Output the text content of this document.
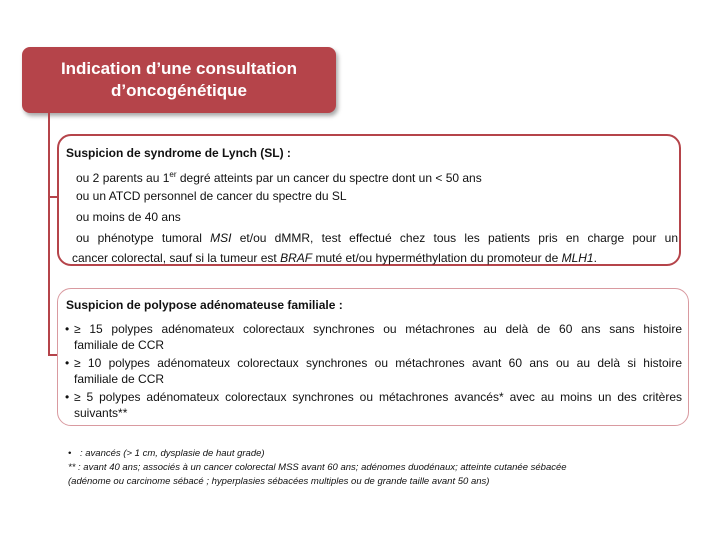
Indication d’une consultation
d’oncogénétique
Suspicion de syndrome de Lynch (SL) :
ou 2 parents au 1er degré atteints par un cancer du spectre dont un < 50 ans
ou un ATCD personnel de cancer du spectre du SL
ou moins de 40 ans
ou phénotype tumoral MSI et/ou dMMR, test effectué chez tous les patients pris en charge pour un
cancer colorectal, sauf si la tumeur est BRAF muté et/ou hyperméthylation du promoteur de MLH1.
Suspicion de polypose adénomateuse familiale :
• ≥ 15 polypes adénomateux colorectaux synchrones ou métachrones au delà de 60 ans sans histoire
familiale de CCR
• ≥ 10 polypes adénomateux colorectaux synchrones ou métachrones avant 60 ans ou au delà si histoire
familiale de CCR
• ≥ 5 polypes adénomateux colorectaux synchrones ou métachrones avancés* avec au moins un des critères
suivants**
• : avancés (> 1 cm, dysplasie de haut grade)
** : avant 40 ans; associés à un cancer colorectal MSS avant 60 ans; adénomes duodénaux; atteinte cutanée sébacée
(adénome ou carcinome sébacé ; hyperplasies sébacées multiples ou de grande taille avant 50 ans)
